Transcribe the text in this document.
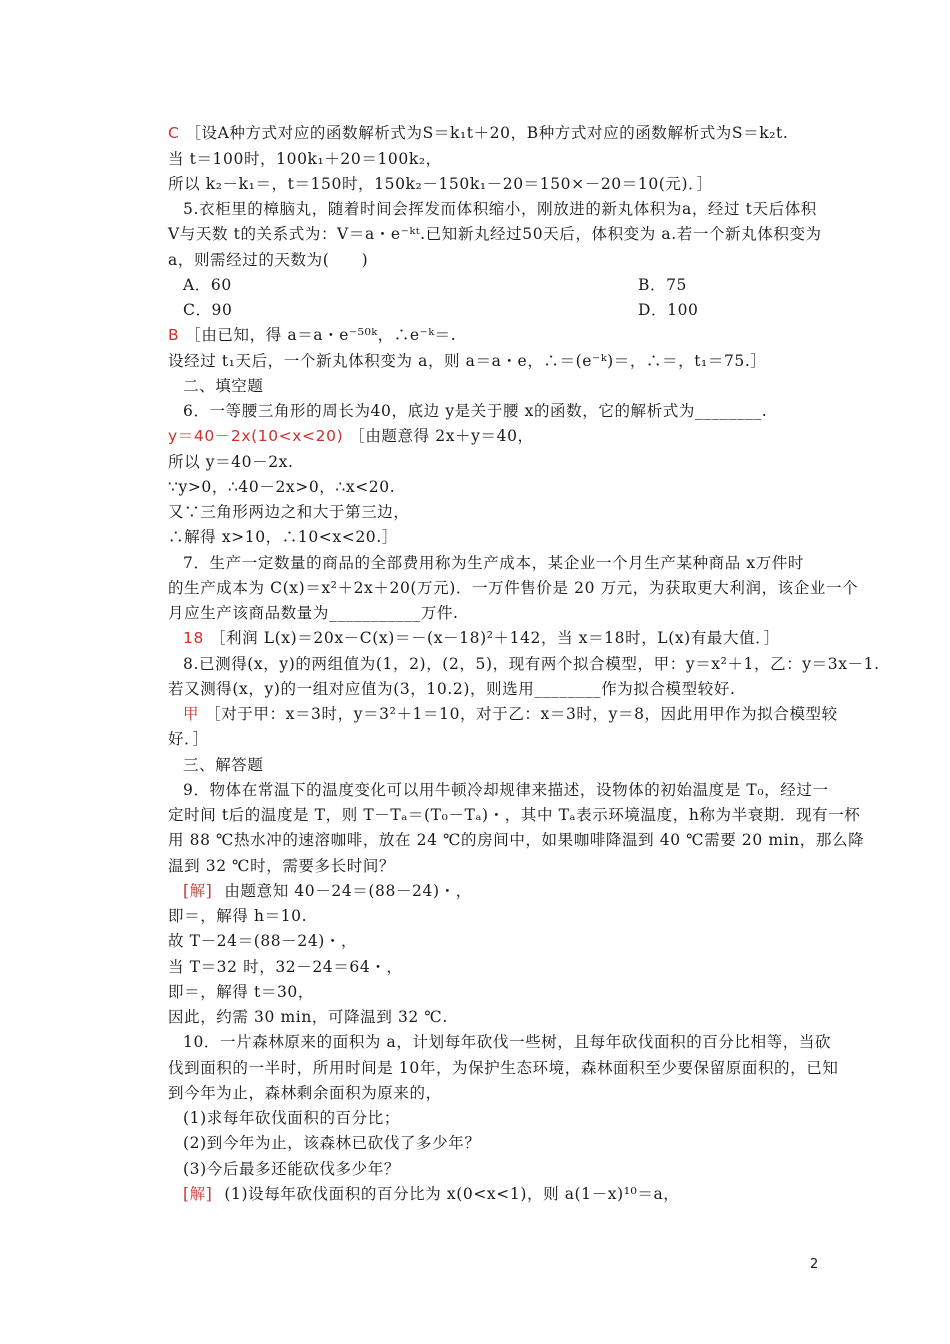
C ［设A种方式对应的函数解析式为S＝k₁t＋20，B种方式对应的函数解析式为S＝k₂t.
当 t＝100时，100k₁＋20＝100k₂，
所以 k₂－k₁＝，t＝150时，150k₂－150k₁－20＝150×－20＝10(元)．］
5.衣柜里的樟脑丸，随着时间会挥发而体积缩小，刚放进的新丸体积为a，经过 t天后体积
V与天数 t的关系式为：V＝a・e⁻ᵏᵗ.已知新丸经过50天后，体积变为 a.若一个新丸体积变为
a，则需经过的天数为(　　)
A．60	B．75
C．90	D．100
B ［由已知，得 a＝a・e⁻⁵⁰ᵏ，∴e⁻ᵏ＝.
设经过 t₁天后，一个新丸体积变为 a，则 a＝a・e，∴＝(e⁻ᵏ)＝，∴＝，t₁＝75.］
二、填空题
6．一等腰三角形的周长为40，底边 y是关于腰 x的函数，它的解析式为________.
y＝40－2x(10<x<20) ［由题意得 2x＋y＝40，
所以 y＝40－2x.
∵y>0，∴40－2x>0，∴x<20.
又∵三角形两边之和大于第三边，
∴解得 x>10，∴10<x<20.］
7．生产一定数量的商品的全部费用称为生产成本，某企业一个月生产某种商品 x万件时
的生产成本为 C(x)＝x²＋2x＋20(万元)．一万件售价是 20 万元，为获取更大利润，该企业一个
月应生产该商品数量为___________万件.
18 ［利润 L(x)＝20x－C(x)＝－(x－18)²＋142，当 x＝18时，L(x)有最大值．］
8.已测得(x，y)的两组值为(1，2)，(2，5)，现有两个拟合模型，甲：y＝x²＋1，乙：y＝3x－1.
若又测得(x，y)的一组对应值为(3，10.2)，则选用________作为拟合模型较好.
甲 ［对于甲：x＝3时，y＝3²＋1＝10，对于乙：x＝3时，y＝8，因此用甲作为拟合模型较
好．］
三、解答题
9．物体在常温下的温度变化可以用牛顿冷却规律来描述，设物体的初始温度是 T₀，经过一
定时间 t后的温度是 T，则 T－Tₐ＝(T₀－Tₐ)・，其中 Tₐ表示环境温度，h称为半衰期．现有一杯
用 88 ℃热水冲的速溶咖啡，放在 24 ℃的房间中，如果咖啡降温到 40 ℃需要 20 min，那么降
温到 32 ℃时，需要多长时间？
[解] 由题意知 40－24＝(88－24)・，
即＝，解得 h＝10.
故 T－24＝(88－24)・，
当 T＝32 时，32－24＝64・，
即＝，解得 t＝30，
因此，约需 30 min，可降温到 32 ℃.
10．一片森林原来的面积为 a，计划每年砍伐一些树，且每年砍伐面积的百分比相等，当砍
伐到面积的一半时，所用时间是 10年，为保护生态环境，森林面积至少要保留原面积的，已知
到今年为止，森林剩余面积为原来的，
(1)求每年砍伐面积的百分比；
(2)到今年为止，该森林已砍伐了多少年？
(3)今后最多还能砍伐多少年？
[解] (1)设每年砍伐面积的百分比为 x(0<x<1)，则 a(1－x)¹⁰＝a，
2
